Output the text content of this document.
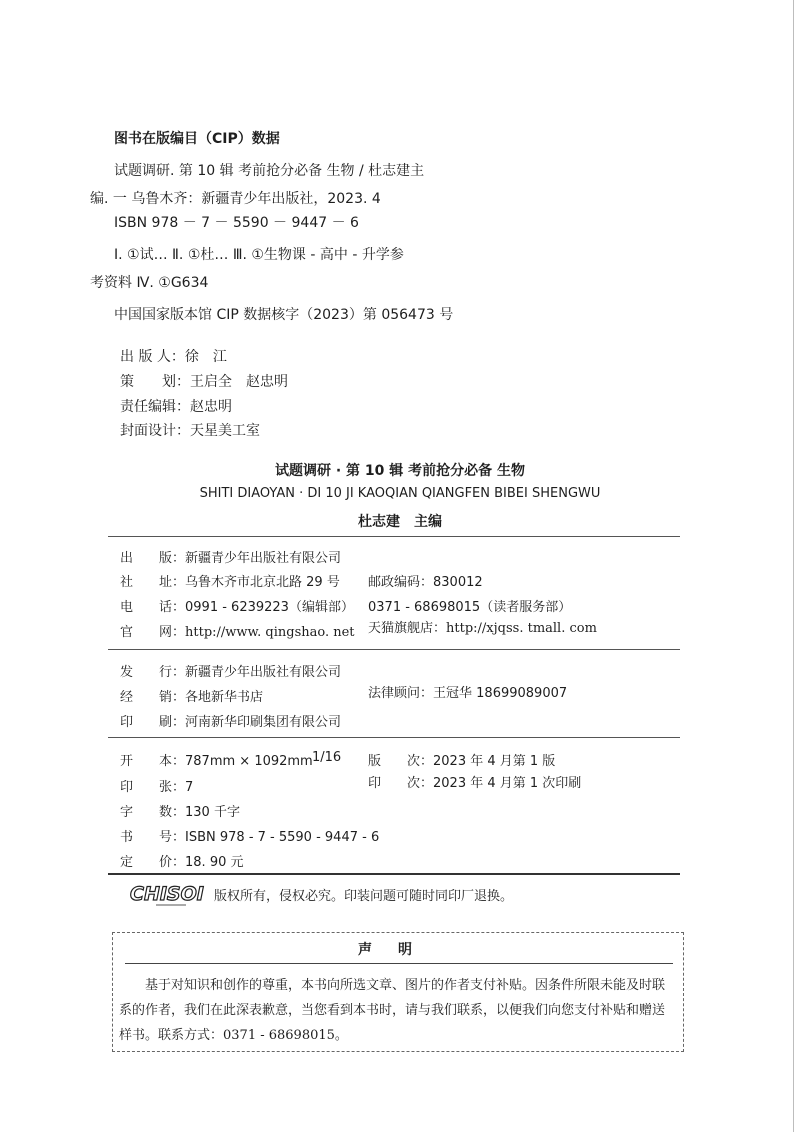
图书在版编目（CIP）数据
试题调研. 第 10 辑 考前抢分必备 生物 / 杜志建主
编. 一 乌鲁木齐：新疆青少年出版社，2023. 4
ISBN 978 － 7 － 5590 － 9447 － 6
Ⅰ. ①试… Ⅱ. ①杜… Ⅲ. ①生物课 - 高中 - 升学参
考资料 Ⅳ. ①G634
中国国家版本馆 CIP 数据核字（2023）第 056473 号
出 版 人：徐　江
策　　划：王启全　赵忠明
责任编辑：赵忠明
封面设计：天星美工室
试题调研 · 第 10 辑 考前抢分必备 生物
SHITI DIAOYAN · DI 10 JI KAOQIAN QIANGFEN BIBEI SHENGWU
杜志建　主编
出　　版：新疆青少年出版社有限公司
社　　址：乌鲁木齐市北京北路 29 号 邮政编码：830012
电　　话：0991 - 6239223（编辑部） 0371 - 68698015（读者服务部）
官　　网：http://www. qingshao. net 天猫旗舰店：http://xjqss. tmall. com
发　　行：新疆青少年出版社有限公司
经　　销：各地新华书店	法律顾问：王冠华 18699089007
印　　刷：河南新华印刷集团有限公司
开　　本：787mm × 1092mm 1/16 版　　次：2023 年 4 月第 1 版
印　　张：7	印　　次：2023 年 4 月第 1 次印刷
字　　数：130 千字
书　　号：ISBN 978 - 7 - 5590 - 9447 - 6
定　　价：18. 90 元
CHISOI 版权所有，侵权必究。印装问题可随时同印厂退换。
声明
基于对知识和创作的尊重，本书向所选文章、图片的作者支付补贴。因条件所限未能及时联系的作者，我们在此深表歉意，当您看到本书时，请与我们联系，以便我们向您支付补贴和赠送样书。联系方式：0371 - 68698015。
